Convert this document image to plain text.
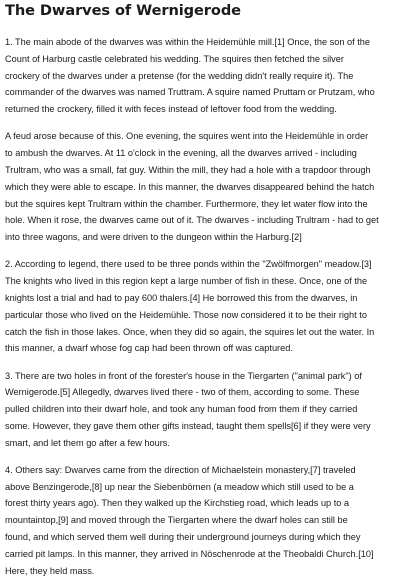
The Dwarves of Wernigerode

1. The main abode of the dwarves was within the Heidemühle mill.[1] Once, the son of the
Count of Harburg castle celebrated his wedding. The squires then fetched the silver
crockery of the dwarves under a pretense (for the wedding didn't really require it). The
commander of the dwarves was named Truttram. A squire named Pruttam or Prutzam, who
returned the crockery, filled it with feces instead of leftover food from the wedding.

A feud arose because of this. One evening, the squires went into the Heidemühle in order
to ambush the dwarves. At 11 o'clock in the evening, all the dwarves arrived - including
Trultram, who was a small, fat guy. Within the mill, they had a hole with a trapdoor through
which they were able to escape. In this manner, the dwarves disappeared behind the hatch
but the squires kept Trultram within the chamber. Furthermore, they let water flow into the
hole. When it rose, the dwarves came out of it. The dwarves - including Trultram - had to get
into three wagons, and were driven to the dungeon within the Harburg.[2]

2. According to legend, there used to be three ponds within the "Zwölfmorgen" meadow.[3]
The knights who lived in this region kept a large number of fish in these. Once, one of the
knights lost a trial and had to pay 600 thalers.[4] He borrowed this from the dwarves, in
particular those who lived on the Heidemühle. Those now considered it to be their right to
catch the fish in those lakes. Once, when they did so again, the squires let out the water. In
this manner, a dwarf whose fog cap had been thrown off was captured.

3. There are two holes in front of the forester's house in the Tiergarten ("animal park") of
Wernigerode.[5] Allegedly, dwarves lived there - two of them, according to some. These
pulled children into their dwarf hole, and took any human food from them if they carried
some. However, they gave them other gifts instead, taught them spells[6] if they were very
smart, and let them go after a few hours.

4. Others say: Dwarves came from the direction of Michaelstein monastery,[7] traveled
above Benzingerode,[8] up near the Siebenbörnen (a meadow which still used to be a
forest thirty years ago). Then they walked up the Kirchstieg road, which leads up to a
mountaintop,[9] and moved through the Tiergarten where the dwarf holes can still be
found, and which served them well during their underground journeys during which they
carried pit lamps. In this manner, they arrived in Nöschenrode at the Theobaldi Church.[10]
Here, they held mass.
